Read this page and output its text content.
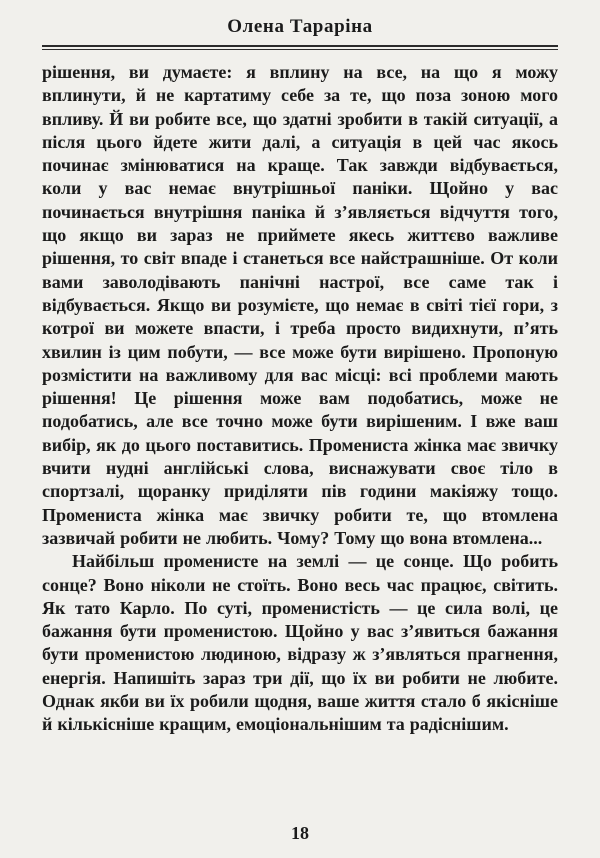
Олена Тараріна

рішення, ви думаєте: я вплину на все, на що я можу вплинути, й не картатиму себе за те, що поза зоною мого впливу. Й ви робите все, що здатні зробити в такій ситуації, а після цього йдете жити далі, а ситуація в цей час якось починає змінюватися на краще. Так завжди відбувається, коли у вас немає внутрішньої паніки. Щойно у вас починається внутрішня паніка й з’являється відчуття того, що якщо ви зараз не приймете якесь життєво важливе рішення, то світ впаде і станеться все найстрашніше. От коли вами заволодівають панічні настрої, все саме так і відбувається. Якщо ви розумієте, що немає в світі тієї гори, з котрої ви можете впасти, і треба просто видихнути, п’ять хвилин із цим побути, — все може бути вирішено. Пропоную розмістити на важливому для вас місці: всі проблеми мають рішення! Це рішення може вам подобатись, може не подобатись, але все точно може бути вирішеним. І вже ваш вибір, як до цього поставитись. Промениста жінка має звичку вчити нудні англійські слова, виснажувати своє тіло в спортзалі, щоранку приділяти пів години макіяжу тощо. Промениста жінка має звичку робити те, що втомлена зазвичай робити не любить. Чому? Тому що вона втомлена...

Найбільш променисте на землі — це сонце. Що робить сонце? Воно ніколи не стоїть. Воно весь час працює, світить. Як тато Карло. По суті, променистість — це сила волі, це бажання бути променистою. Щойно у вас з’явиться бажання бути променистою людиною, відразу ж з’являться прагнення, енергія. Напишіть зараз три дії, що їх ви робити не любите. Однак якби ви їх робили щодня, ваше життя стало б якісніше й кількісніше кращим, емоціональнішим та радіснішим.

18
